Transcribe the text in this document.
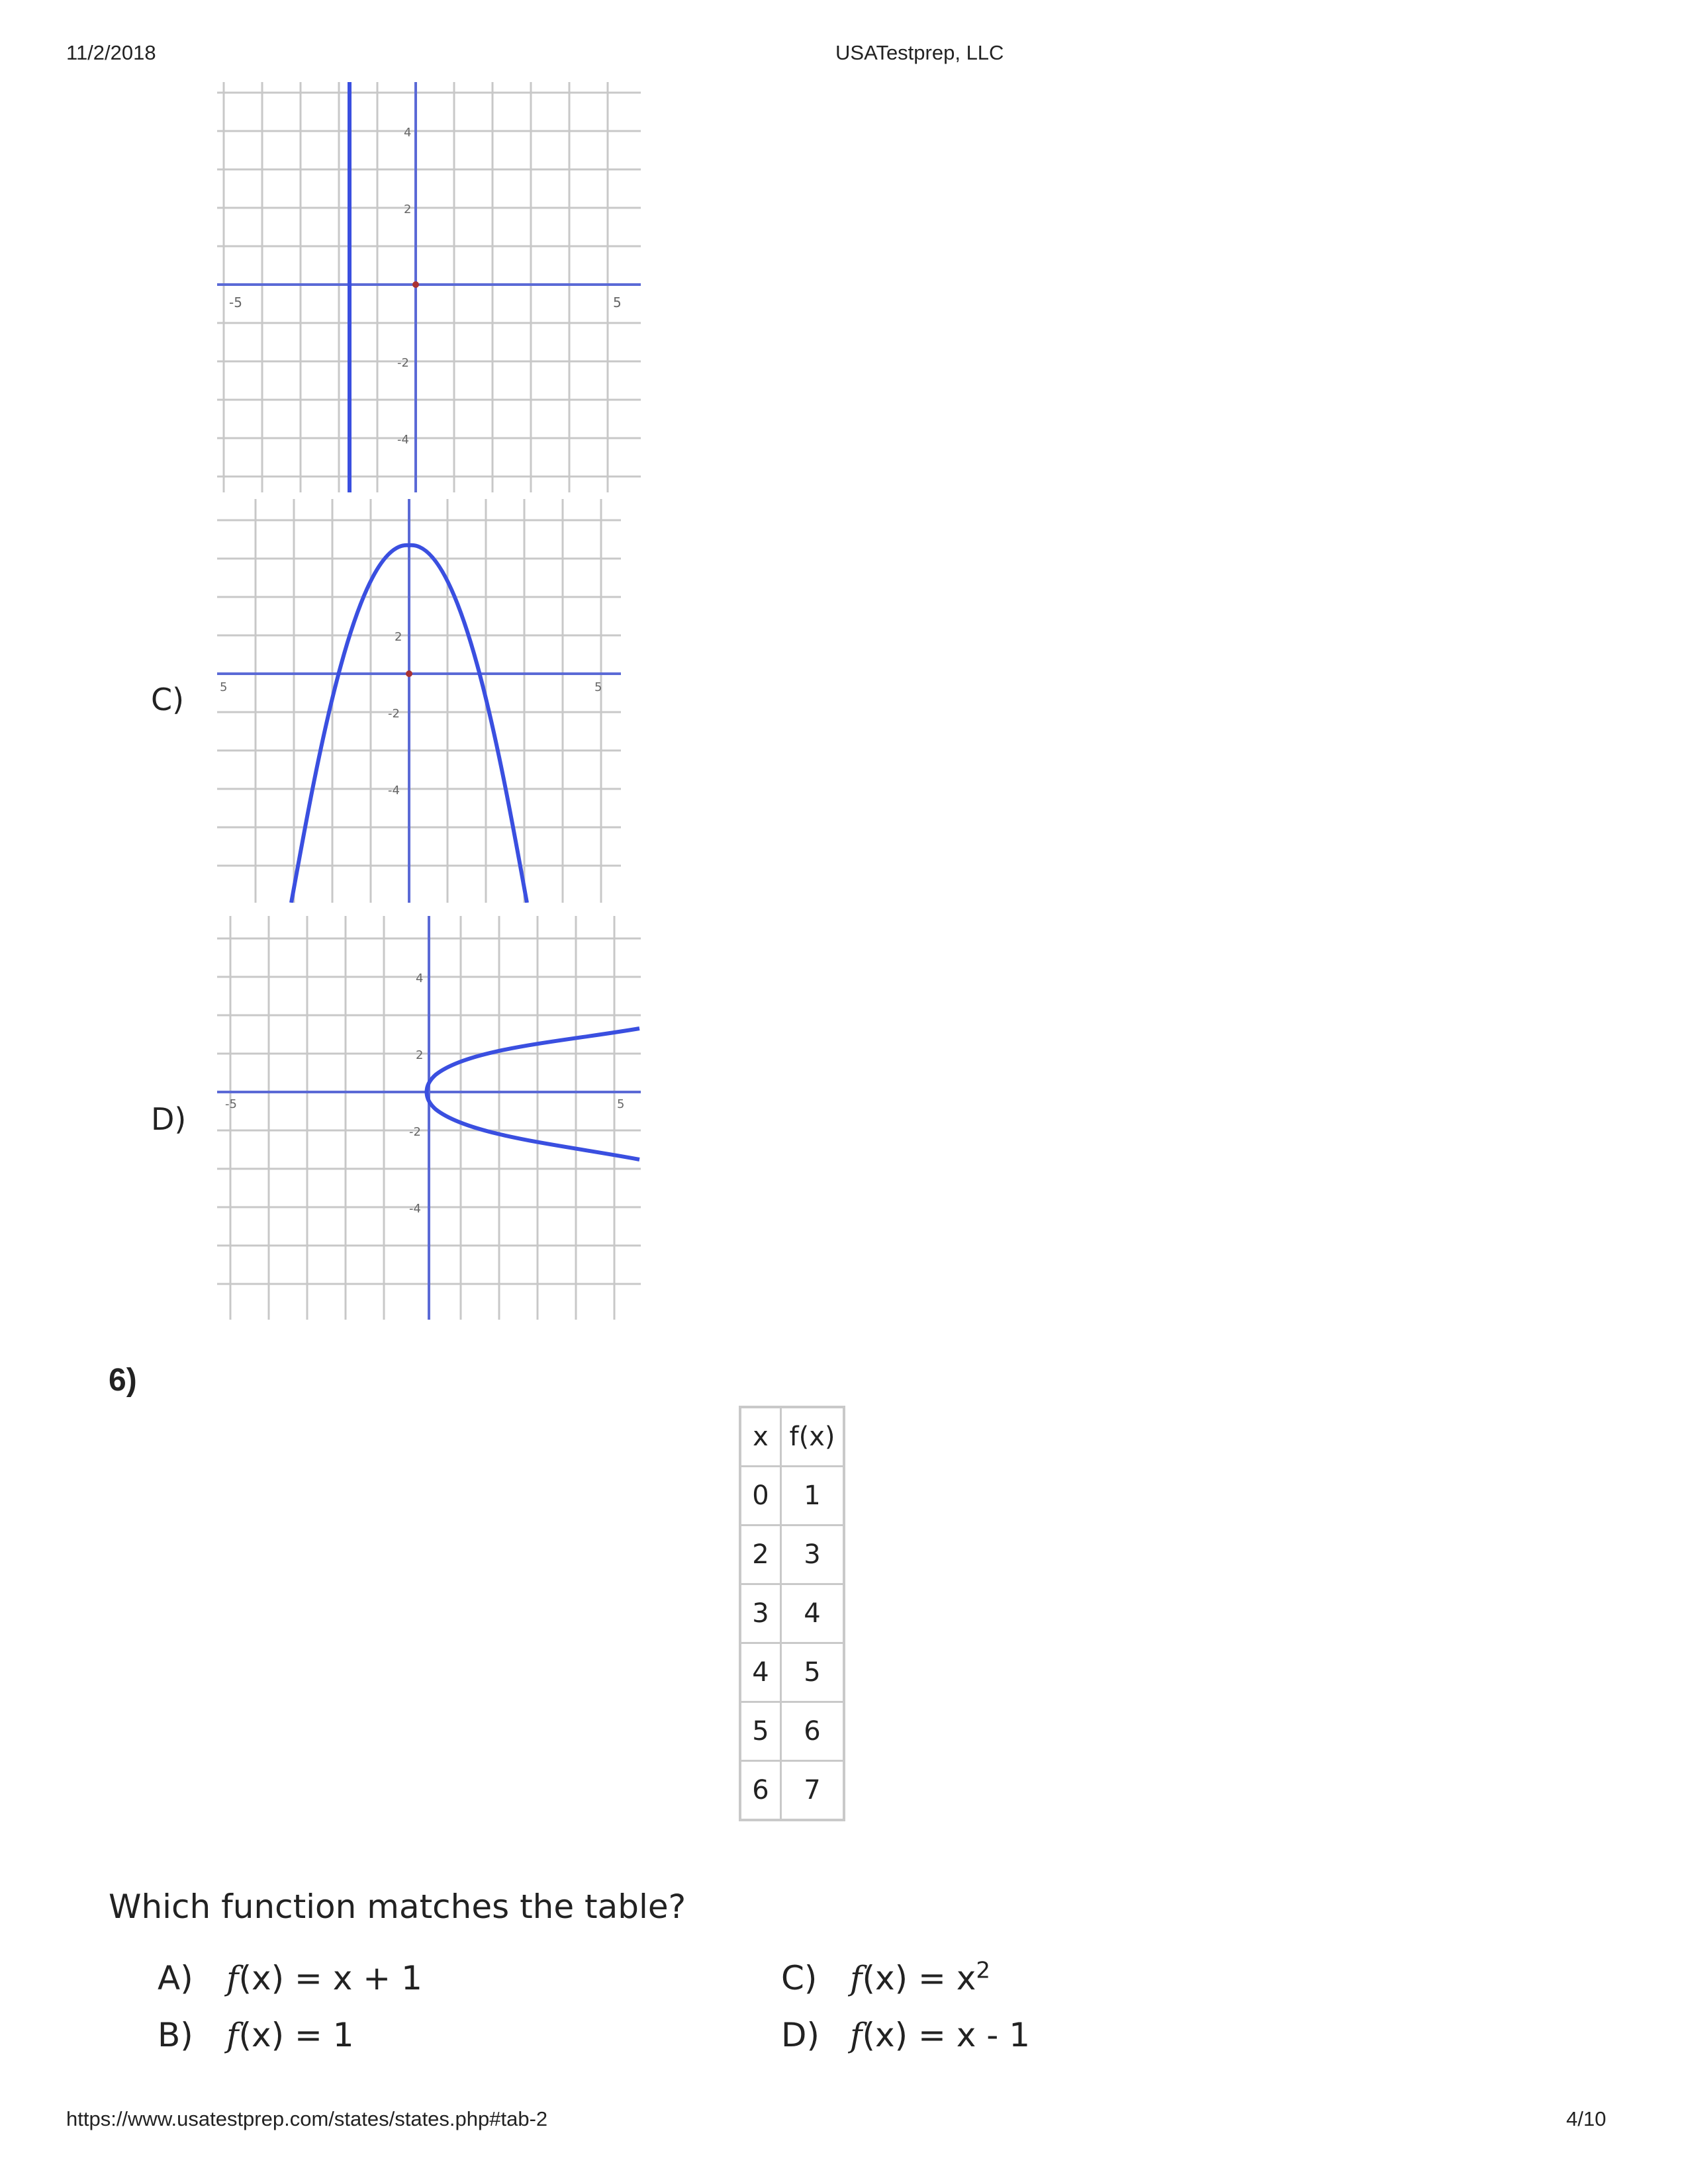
11/2/2018	USATestprep, LLC
https://www.usatestprep.com/states/states.php#tab-2	4/10
-5	5
4
2
-2
-4
C)	5	5
2
-2
-4
D)	-5	5
4
2
-2
-4
6)
x	f(x)
0	1
2	3
3	4
4	5
5	6
6	7
Which function matches the table?
A) f(x) = x + 1
B) f(x) = 1
C) $f(x) = x^2$
D) f(x) = x - 1
